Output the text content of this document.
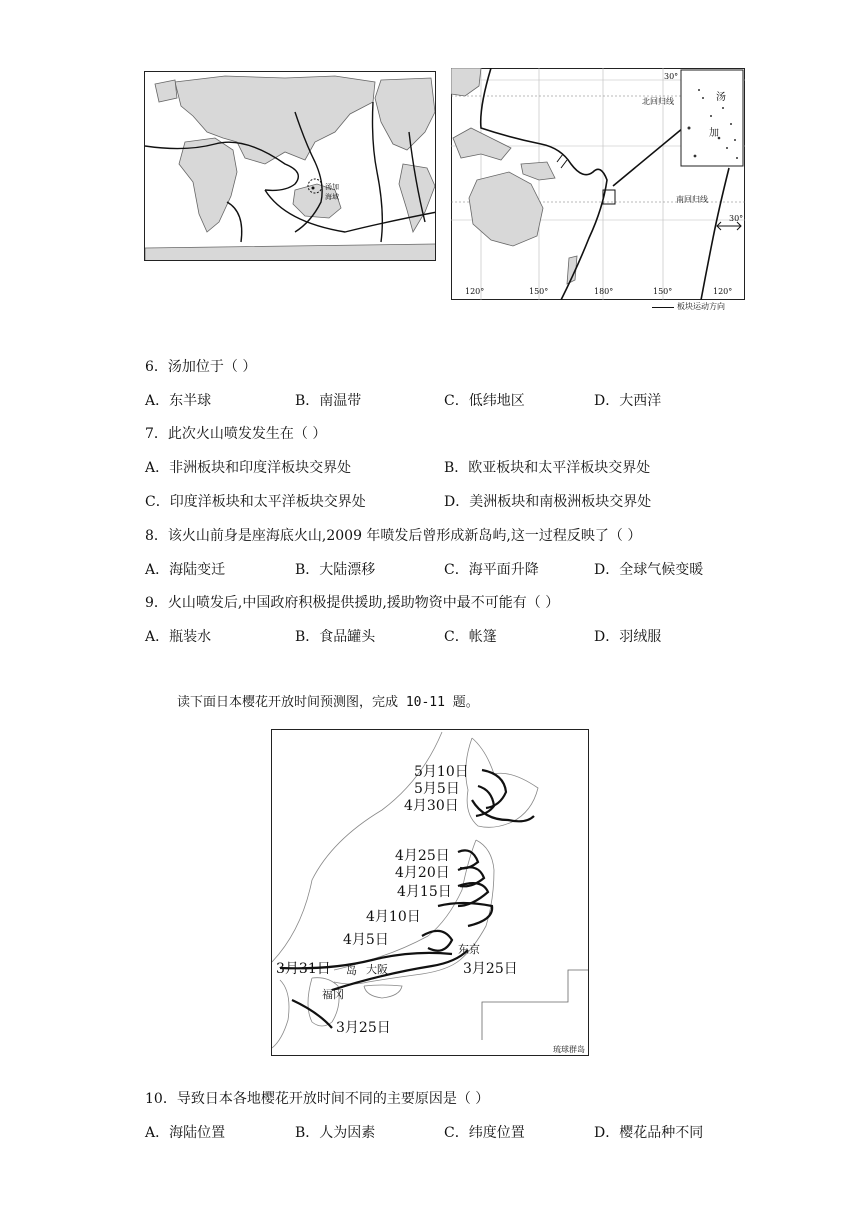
汤加
海域
30°
北回归线
南回归线
30°
汤
加
120°	150°	180°	150°	120°
板块运动方向
6．汤加位于（ ）
A．东半球	B．南温带	C．低纬地区	D．大西洋
7．此次火山喷发发生在（ ）
A．非洲板块和印度洋板块交界处	B．欧亚板块和太平洋板块交界处
C．印度洋板块和太平洋板块交界处	D．美洲板块和南极洲板块交界处
8．该火山前身是座海底火山,2009 年喷发后曾形成新岛屿,这一过程反映了（ ）
A．海陆变迁	B．大陆漂移	C．海平面升降	D．全球气候变暖
9．火山喷发后,中国政府积极提供援助,援助物资中最不可能有（ ）
A．瓶装水	B．食品罐头	C．帐篷	D．羽绒服
读下面日本樱花开放时间预测图，完成 10-11 题。
5月10日
5月5日
4月30日
4月25日
4月20日
4月15日
4月10日
4月5日
3月31日	3月25日
3月25日
东京
大阪
福冈
岛
琉球群岛
10．导致日本各地樱花开放时间不同的主要原因是（ ）
A．海陆位置	B．人为因素	C．纬度位置	D．樱花品种不同
